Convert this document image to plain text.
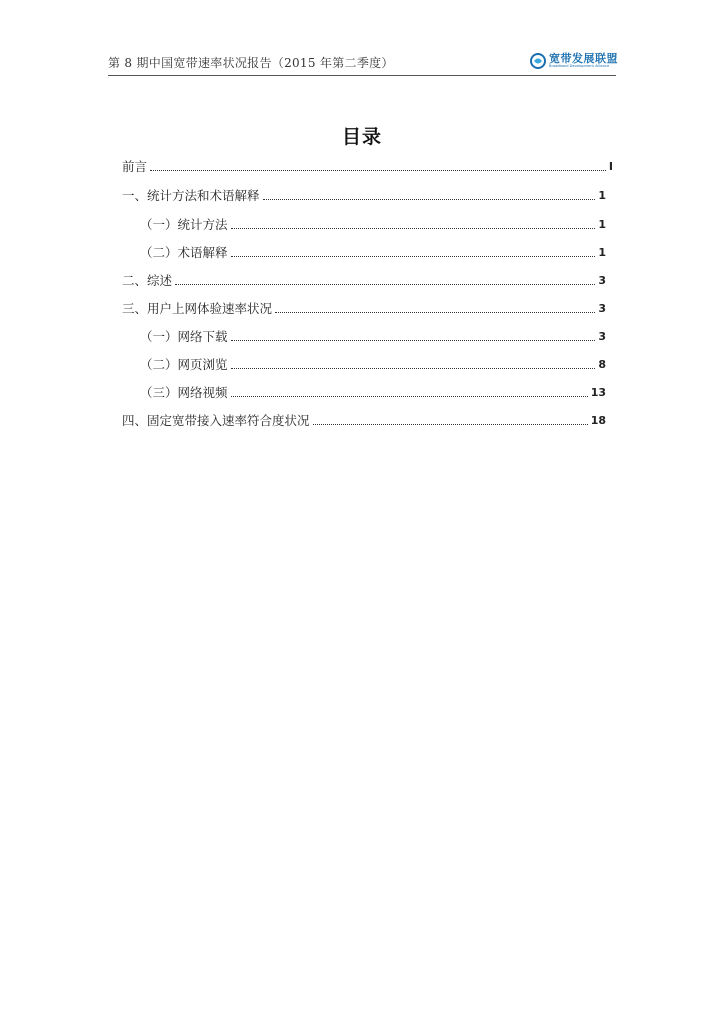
第 8 期中国宽带速率状况报告（2015 年第二季度）	宽带发展联盟
Broadband Development Alliance
目录
前言	I
一、统计方法和术语解释	1
（一）统计方法	1
（二）术语解释	1
二、综述	3
三、用户上网体验速率状况	3
（一）网络下载	3
（二）网页浏览	8
（三）网络视频	13
四、固定宽带接入速率符合度状况	18
